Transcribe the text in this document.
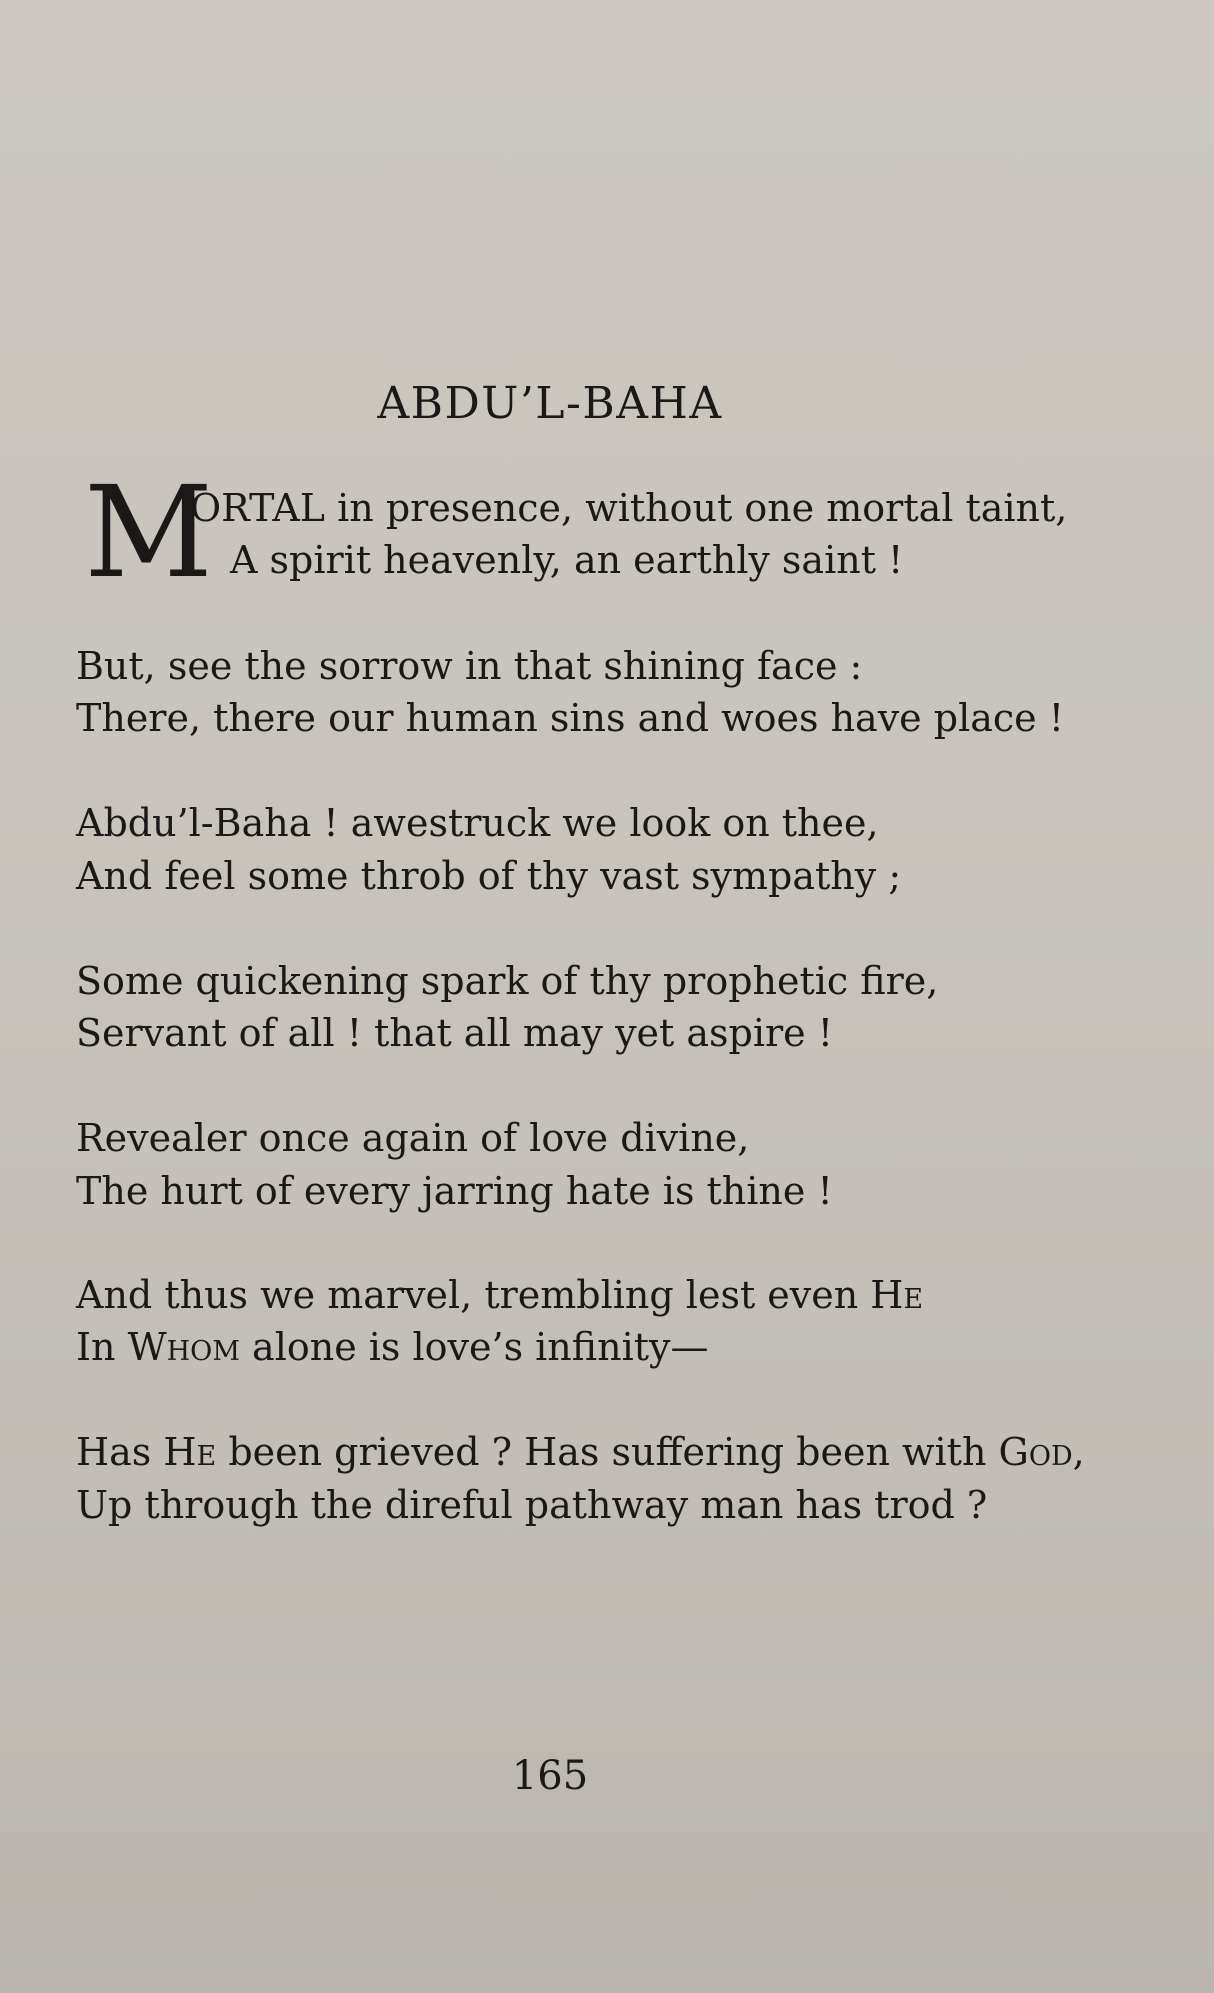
ABDU’L-BAHA
M
ORTAL in presence, without one mortal taint,
A spirit heavenly, an earthly saint !
But, see the sorrow in that shining face :
There, there our human sins and woes have place !
Abdu’l-Baha ! awestruck we look on thee,
And feel some throb of thy vast sympathy ;
Some quickening spark of thy prophetic fire,
Servant of all ! that all may yet aspire !
Revealer once again of love divine,
The hurt of every jarring hate is thine !
And thus we marvel, trembling lest even He
In Whom alone is love’s infinity—
Has He been grieved ? Has suffering been with God,
Up through the direful pathway man has trod ?
165
